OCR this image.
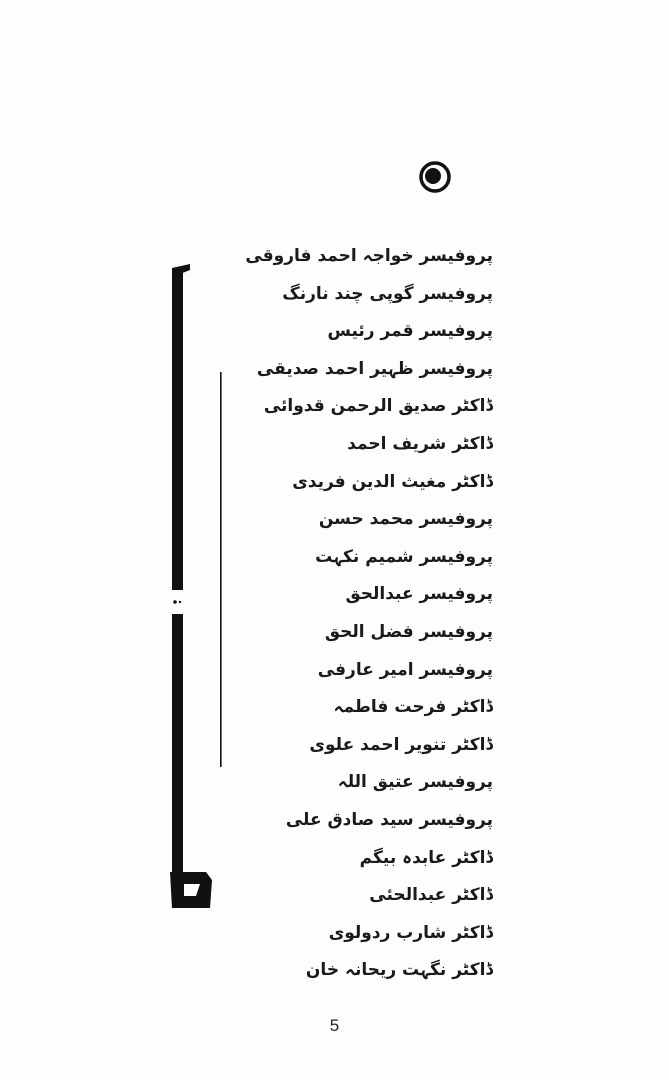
پروفیسر خواجہ احمد فاروقی
پروفیسر گوپی چند نارنگ
پروفیسر قمر رئیس
پروفیسر ظہیر احمد صدیقی
ڈاکٹر صدیق الرحمن قدوائی
ڈاکٹر شریف احمد
ڈاکٹر مغیث الدین فریدی
پروفیسر محمد حسن
پروفیسر شمیم نکہت
پروفیسر عبدالحق
پروفیسر فضل الحق
پروفیسر امیر عارفی
ڈاکٹر فرحت فاطمہ
ڈاکٹر تنویر احمد علوی
پروفیسر عتیق اللہ
پروفیسر سید صادق علی
ڈاکٹر عابدہ بیگم
ڈاکٹر عبدالحئی
ڈاکٹر شارب ردولوی
ڈاکٹر نگہت ریحانہ خان
5
